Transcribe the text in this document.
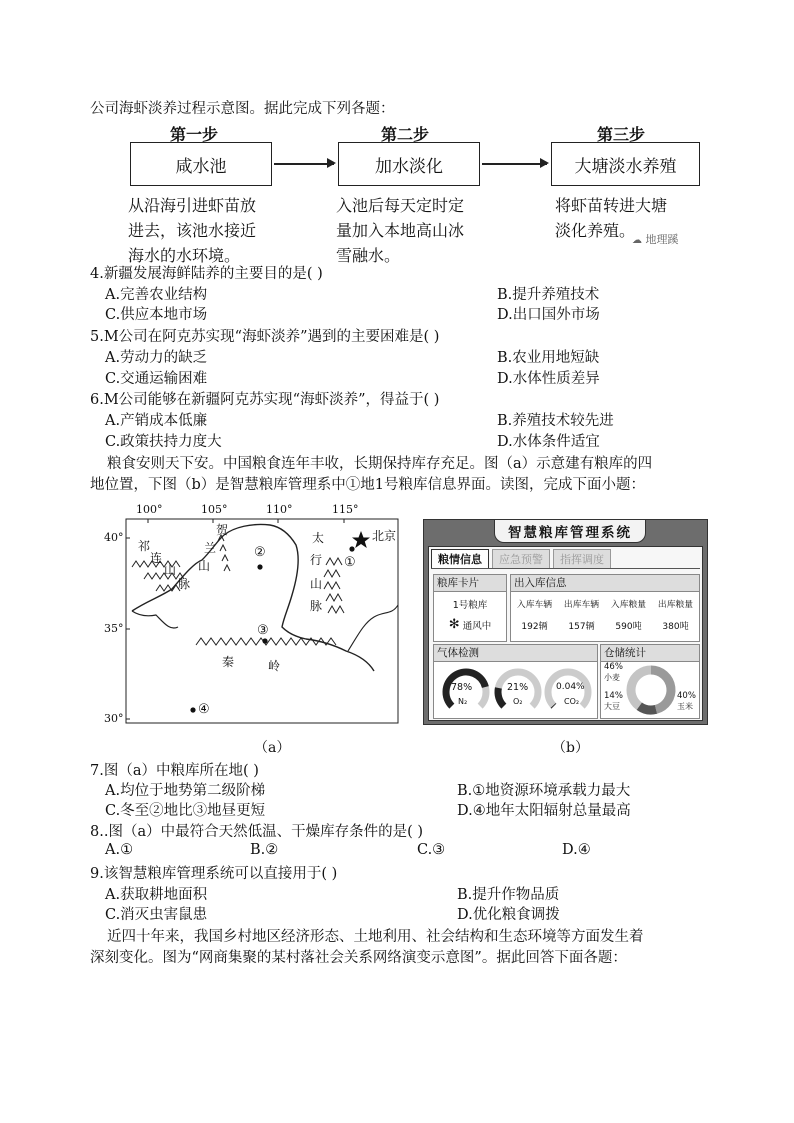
公司海虾淡养过程示意图。据此完成下列各题：
第一步	第二步	第三步
咸水池	加水淡化	大塘淡水养殖
从沿海引进虾苗放
进去，该池水接近
海水的水环境。
入池后每天定时定
量加入本地高山冰
雪融水。
将虾苗转进大塘
淡化养殖。
☁ 地理蹊
4.新疆发展海鲜陆养的主要目的是( )
A.完善农业结构	B.提升养殖技术
C.供应本地市场	D.出口国外市场
5.M公司在阿克苏实现“海虾淡养”遇到的主要困难是( )
A.劳动力的缺乏	B.农业用地短缺
C.交通运输困难	D.水体性质差异
6.M公司能够在新疆阿克苏实现“海虾淡养”，得益于( )
A.产销成本低廉	B.养殖技术较先进
C.政策扶持力度大	D.水体条件适宜
粮食安则天下安。中国粮食连年丰收，长期保持库存充足。图（a）示意建有粮库的四
地位置，下图（b）是智慧粮库管理系中①地1号粮库信息界面。读图，完成下面小题：
100°	105°	110°	115°
40°
35°
30°
祁
连
山
脉
贺
兰
山
太
行
山
脉
秦	岭
北京
①
②
③
④
（a）
智慧粮库管理系统
粮情信息	应急预警	指挥调度
粮库卡片
1号粮库
✻ 通风中
出入库信息
入库车辆 出库车辆 入库粮量 出库粮量
192辆 157辆 590吨 380吨
气体检测
78%
N₂
21%
O₂
0.04%
CO₂
仓储统计
46%
小麦
14%
大豆
40%
玉米
（b）
7.图（a）中粮库所在地( )
A.均位于地势第二级阶梯	B.①地资源环境承载力最大
C.冬至②地比③地昼更短	D.④地年太阳辐射总量最高
8..图（a）中最符合天然低温、干燥库存条件的是( )
A.①	B.②	C.③	D.④
9.该智慧粮库管理系统可以直接用于( )
A.获取耕地面积	B.提升作物品质
C.消灭虫害鼠患	D.优化粮食调拨
近四十年来，我国乡村地区经济形态、土地利用、社会结构和生态环境等方面发生着
深刻变化。图为“网商集聚的某村落社会关系网络演变示意图”。据此回答下面各题：
